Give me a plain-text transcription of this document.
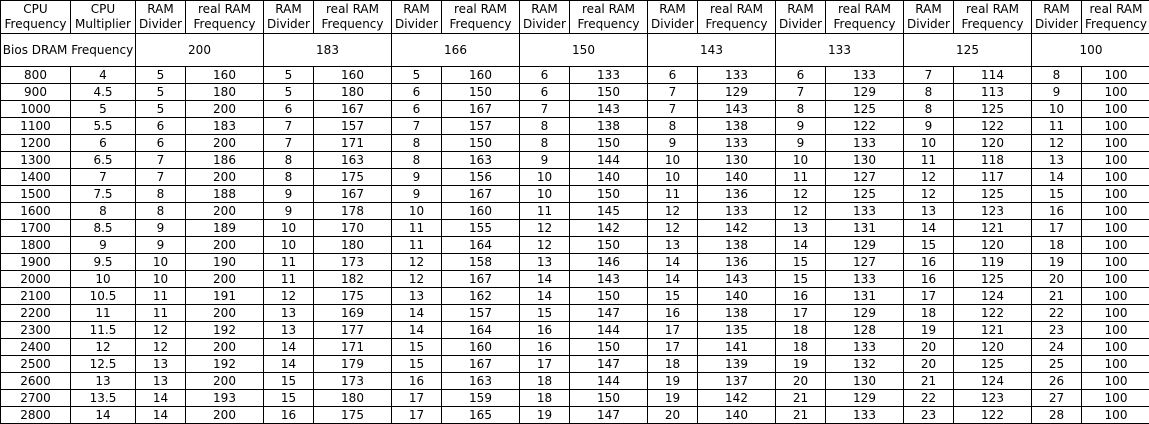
CPU Frequency	CPU Multiplier	RAM Divider	real RAM Frequency	RAM Divider	real RAM Frequency	RAM Divider	real RAM Frequency	RAM Divider	real RAM Frequency	RAM Divider	real RAM Frequency	RAM Divider	real RAM Frequency	RAM Divider	real RAM Frequency	RAM Divider	real RAM Frequency
Bios DRAM Frequency		200		183		166		150		143		133		125		100	
800	4	5	160	5	160	5	160	6	133	6	133	6	133	7	114	8	100
900	4.5	5	180	5	180	6	150	6	150	7	129	7	129	8	113	9	100
1000	5	5	200	6	167	6	167	7	143	7	143	8	125	8	125	10	100
1100	5.5	6	183	7	157	7	157	8	138	8	138	9	122	9	122	11	100
1200	6	6	200	7	171	8	150	8	150	9	133	9	133	10	120	12	100
1300	6.5	7	186	8	163	8	163	9	144	10	130	10	130	11	118	13	100
1400	7	7	200	8	175	9	156	10	140	10	140	11	127	12	117	14	100
1500	7.5	8	188	9	167	9	167	10	150	11	136	12	125	12	125	15	100
1600	8	8	200	9	178	10	160	11	145	12	133	12	133	13	123	16	100
1700	8.5	9	189	10	170	11	155	12	142	12	142	13	131	14	121	17	100
1800	9	9	200	10	180	11	164	12	150	13	138	14	129	15	120	18	100
1900	9.5	10	190	11	173	12	158	13	146	14	136	15	127	16	119	19	100
2000	10	10	200	11	182	12	167	14	143	14	143	15	133	16	125	20	100
2100	10.5	11	191	12	175	13	162	14	150	15	140	16	131	17	124	21	100
2200	11	11	200	13	169	14	157	15	147	16	138	17	129	18	122	22	100
2300	11.5	12	192	13	177	14	164	16	144	17	135	18	128	19	121	23	100
2400	12	12	200	14	171	15	160	16	150	17	141	18	133	20	120	24	100
2500	12.5	13	192	14	179	15	167	17	147	18	139	19	132	20	125	25	100
2600	13	13	200	15	173	16	163	18	144	19	137	20	130	21	124	26	100
2700	13.5	14	193	15	180	17	159	18	150	19	142	21	129	22	123	27	100
2800	14	14	200	16	175	17	165	19	147	20	140	21	133	23	122	28	100
